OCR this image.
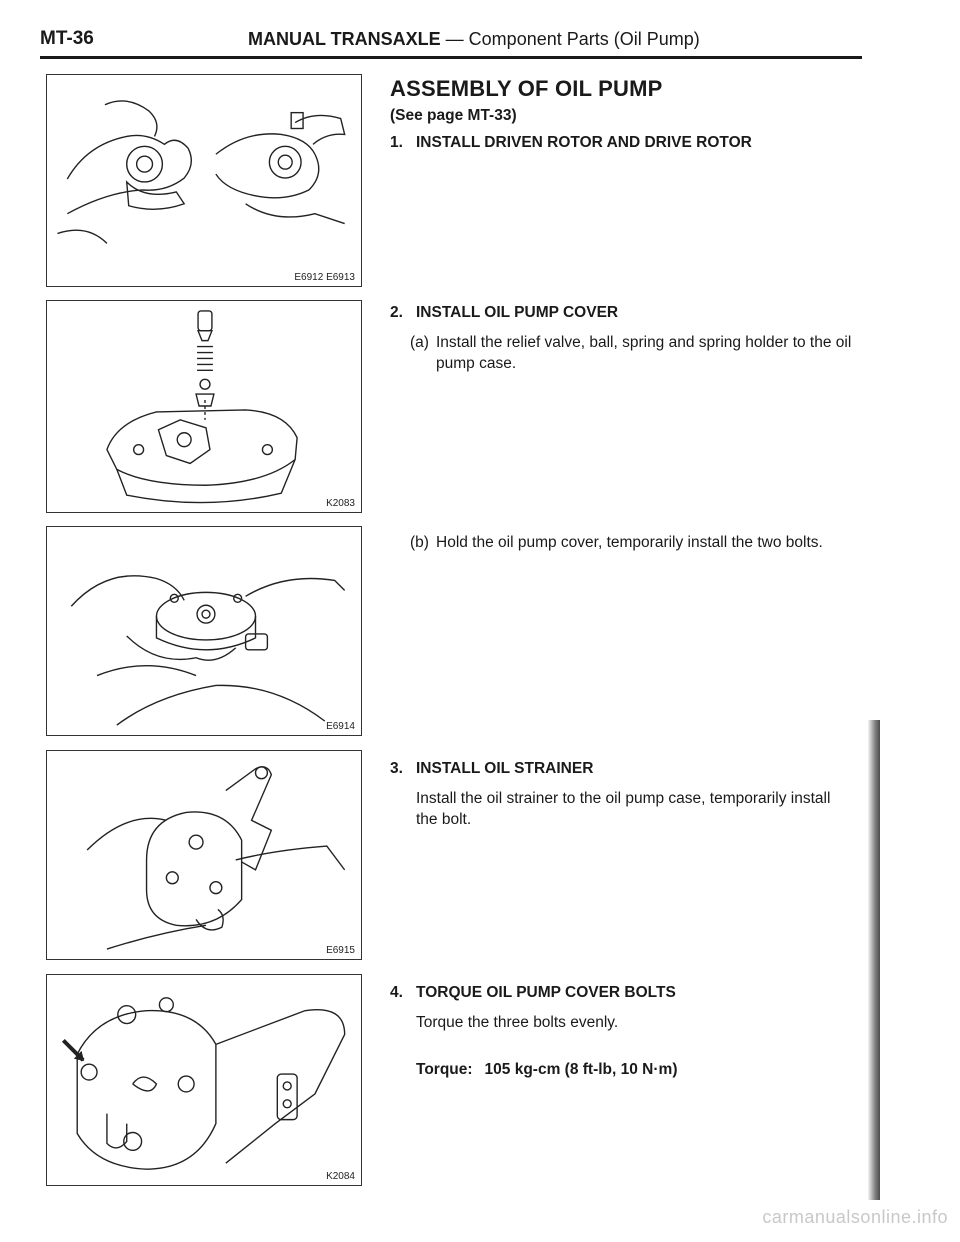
MT-36	MANUAL TRANSAXLE — Component Parts (Oil Pump)
E6912 E6913
K2083
E6914
E6915
K2084
ASSEMBLY OF OIL PUMP
(See page MT-33)
1. INSTALL DRIVEN ROTOR AND DRIVE ROTOR
2. INSTALL OIL PUMP COVER
(a) Install the relief valve, ball, spring and spring holder to the oil pump case.
(b) Hold the oil pump cover, temporarily install the two bolts.
3. INSTALL OIL STRAINER
Install the oil strainer to the oil pump case, temporarily install the bolt.
4. TORQUE OIL PUMP COVER BOLTS
Torque the three bolts evenly.
Torque: 105 kg-cm (8 ft-lb, 10 N·m)
carmanualsonline.info
